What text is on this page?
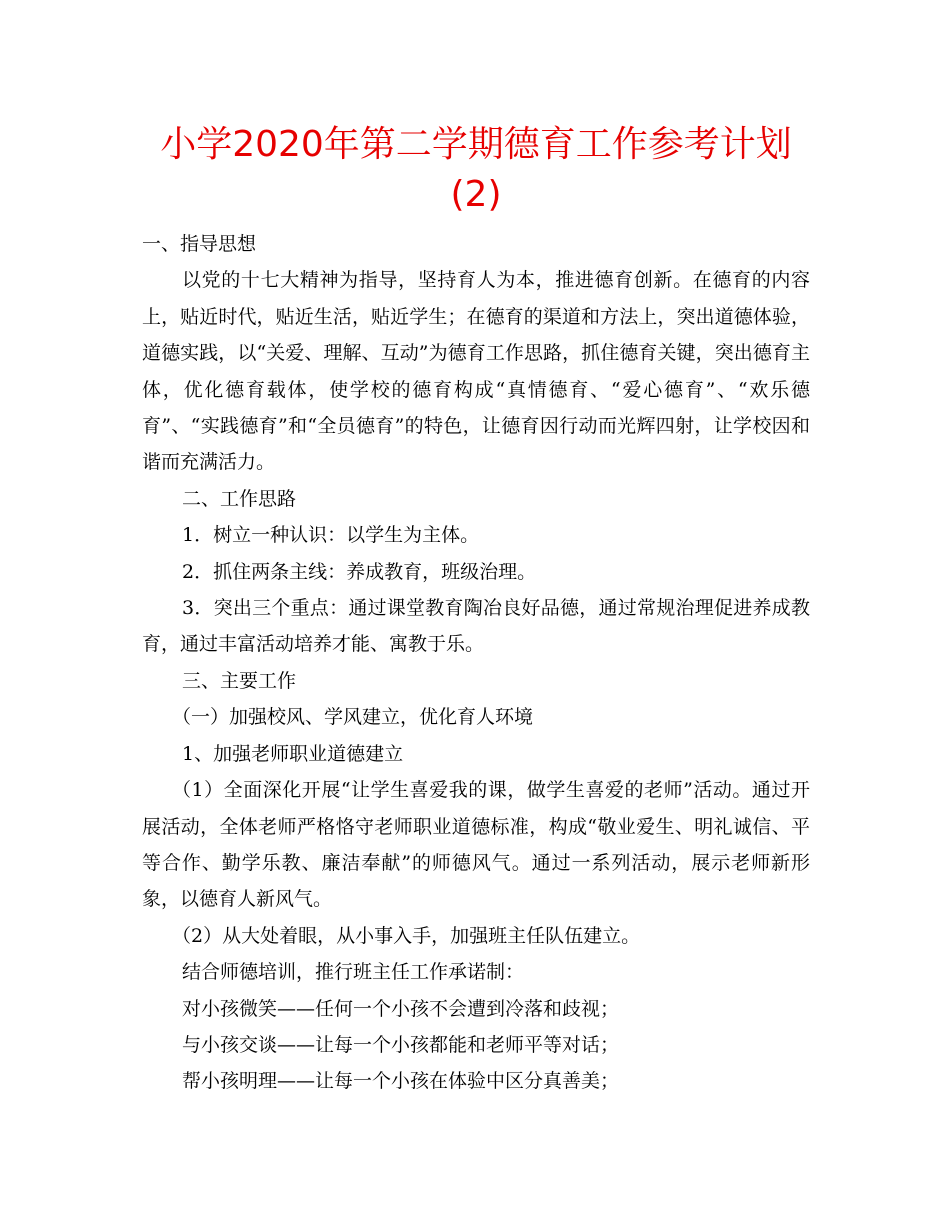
小学2020年第二学期德育工作参考计划
(2)

一、指导思想

以党的十七大精神为指导，坚持育人为本，推进德育创新。在德育的内容上，贴近时代，贴近生活，贴近学生；在德育的渠道和方法上，突出道德体验，道德实践，以“关爱、理解、互动”为德育工作思路，抓住德育关键，突出德育主体，优化德育载体，使学校的德育构成“真情德育、“爱心德育”、“欢乐德育”、“实践德育”和“全员德育”的特色，让德育因行动而光辉四射，让学校因和谐而充满活力。

二、工作思路

1．树立一种认识：以学生为主体。

2．抓住两条主线：养成教育，班级治理。

3．突出三个重点：通过课堂教育陶冶良好品德，通过常规治理促进养成教育，通过丰富活动培养才能、寓教于乐。

三、主要工作

（一）加强校风、学风建立，优化育人环境

1、加强老师职业道德建立

（1）全面深化开展“让学生喜爱我的课，做学生喜爱的老师”活动。通过开展活动，全体老师严格恪守老师职业道德标准，构成“敬业爱生、明礼诚信、平等合作、勤学乐教、廉洁奉献”的师德风气。通过一系列活动，展示老师新形象，以德育人新风气。

（2）从大处着眼，从小事入手，加强班主任队伍建立。

结合师德培训，推行班主任工作承诺制：

对小孩微笑——任何一个小孩不会遭到冷落和歧视；

与小孩交谈——让每一个小孩都能和老师平等对话；

帮小孩明理——让每一个小孩在体验中区分真善美；
